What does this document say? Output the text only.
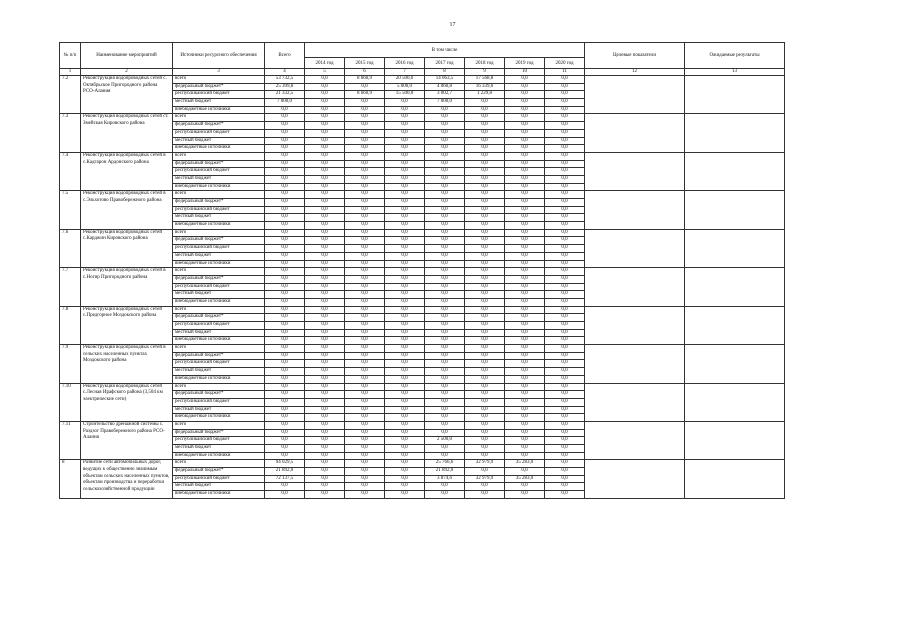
17
№ п/п	Наименование мероприятий	Источники ресурсного обеспечения	Всего	В том числе							Целевые показатели	Ожидаемые результаты
				2014 год	2015 год	2016 год	2017 год	2018 год	2019 год	2020 год		
1	2	3	4	5	6	7	8	9	10	11	12	13
7.2	Реконструкция водопроводных сетей с. Октябрьское Пригородного района РСО-Алания	всего	53 732,5	0,0	8 660,9	20 500,0	14 063,5	17 568,8	0,0	0,0		
		федеральный бюджет*	25 399,8	0,0	0,0	5 000,0	4 060,8	16 339,0	0,0	0,0		
		республиканский бюджет	21 332,5	0,0	8 660,9	15 500,0	3 002,7	1 229,8	0,0	0,0		
		местный бюджет	7 000,0	0,0	0,0	0,0	7 000,0	0,0	0,0	0,0		
		внебюджетные источники	0,0	0,0	0,0	0,0	0,0	0,0	0,0	0,0		
7.3	Реконструкция водопроводных сетей ст. Змейская Кировского района	всего	0,0	0,0	0,0	0,0	0,0	0,0	0,0	0,0		
		федеральный бюджет*	0,0	0,0	0,0	0,0	0,0	0,0	0,0	0,0		
		республиканский бюджет	0,0	0,0	0,0	0,0	0,0	0,0	0,0	0,0		
		местный бюджет	0,0	0,0	0,0	0,0	0,0	0,0	0,0	0,0		
		внебюджетные источники	0,0	0,0	0,0	0,0	0,0	0,0	0,0	0,0		
7.4	Реконструкция водопроводных сетей в с.Кадгарон Ардонского района	всего	0,0	0,0	0,0	0,0	0,0	0,0	0,0	0,0		
		федеральный бюджет*	0,0	0,0	0,0	0,0	0,0	0,0	0,0	0,0		
		республиканский бюджет	0,0	0,0	0,0	0,0	0,0	0,0	0,0	0,0		
		местный бюджет	0,0	0,0	0,0	0,0	0,0	0,0	0,0	0,0		
		внебюджетные источники	0,0	0,0	0,0	0,0	0,0	0,0	0,0	0,0		
7.5	Реконструкция водопроводных сетей в с.Эльхотово Правобережного района	всего	0,0	0,0	0,0	0,0	0,0	0,0	0,0	0,0		
		федеральный бюджет*	0,0	0,0	0,0	0,0	0,0	0,0	0,0	0,0		
		республиканский бюджет	0,0	0,0	0,0	0,0	0,0	0,0	0,0	0,0		
		местный бюджет	0,0	0,0	0,0	0,0	0,0	0,0	0,0	0,0		
		внебюджетные источники	0,0	0,0	0,0	0,0	0,0	0,0	0,0	0,0		
7.6	Реконструкция водопроводных сетей с.Карджин Кировского района	всего	0,0	0,0	0,0	0,0	0,0	0,0	0,0	0,0		
		федеральный бюджет*	0,0	0,0	0,0	0,0	0,0	0,0	0,0	0,0		
		республиканский бюджет	0,0	0,0	0,0	0,0	0,0	0,0	0,0	0,0		
		местный бюджет	0,0	0,0	0,0	0,0	0,0	0,0	0,0	0,0		
		внебюджетные источники	0,0	0,0	0,0	0,0	0,0	0,0	0,0	0,0		
7.7	Реконструкция водопроводных сетей в с.Ногир Пригородного района	всего	0,0	0,0	0,0	0,0	0,0	0,0	0,0	0,0		
		федеральный бюджет*	0,0	0,0	0,0	0,0	0,0	0,0	0,0	0,0		
		республиканский бюджет	0,0	0,0	0,0	0,0	0,0	0,0	0,0	0,0		
		местный бюджет	0,0	0,0	0,0	0,0	0,0	0,0	0,0	0,0		
		внебюджетные источники	0,0	0,0	0,0	0,0	0,0	0,0	0,0	0,0		
7.8	Реконструкция водопроводных сетей с.Предгорное Моздокского района	всего	0,0	0,0	0,0	0,0	0,0	0,0	0,0	0,0		
		федеральный бюджет*	0,0	0,0	0,0	0,0	0,0	0,0	0,0	0,0		
		республиканский бюджет	0,0	0,0	0,0	0,0	0,0	0,0	0,0	0,0		
		местный бюджет	0,0	0,0	0,0	0,0	0,0	0,0	0,0	0,0		
		внебюджетные источники	0,0	0,0	0,0	0,0	0,0	0,0	0,0	0,0		
7.9	Реконструкция водопроводных сетей в сельских населенных пунктах Моздокского района	всего	0,0	0,0	0,0	0,0	0,0	0,0	0,0	0,0		
		федеральный бюджет*	0,0	0,0	0,0	0,0	0,0	0,0	0,0	0,0		
		республиканский бюджет	0,0	0,0	0,0	0,0	0,0	0,0	0,0	0,0		
		местный бюджет	0,0	0,0	0,0	0,0	0,0	0,0	0,0	0,0		
		внебюджетные источники	0,0	0,0	0,0	0,0	0,0	0,0	0,0	0,0		
7.10	Реконструкция водопроводных сетей с.Лесная Ирафского района (3,504 км электрические сети)	всего	0,0	0,0	0,0	0,0	0,0	0,0	0,0	0,0		
		федеральный бюджет*	0,0	0,0	0,0	0,0	0,0	0,0	0,0	0,0		
		республиканский бюджет	0,0	0,0	0,0	0,0	0,0	0,0	0,0	0,0		
		местный бюджет	0,0	0,0	0,0	0,0	0,0	0,0	0,0	0,0		
		внебюджетные источники	0,0	0,0	0,0	0,0	0,0	0,0	0,0	0,0		
7.11	Строительство дренажной системы с. Раздзог Правобережного района РСО-Алания	всего	0,0	0,0	0,0	0,0	0,0	0,0	0,0	0,0		
		федеральный бюджет*	0,0	0,0	0,0	0,0	0,0	0,0	0,0	0,0		
		республиканский бюджет	0,0	0,0	0,0	0,0	2 500,0	0,0	0,0	0,0		
		местный бюджет	0,0	0,0	0,0	0,0	0,0	0,0	0,0	0,0		
		внебюджетные источники	0,0	0,0	0,0	0,0	0,0	0,0	0,0	0,0		
8	Развитие сети автомобильных дорог, ведущих к общественно значимым объектам сельских населенных пунктов, объектам производства и переработки сельскохозяйственной продукции	всего	94 029,5	0,0	0,0	0,0	25 766,6	32 979,9	35 283,0	0,0		
		федеральный бюджет*	21 892,0	0,0	0,0	0,0	21 892,0	0,0	0,0	0,0		
		республиканский бюджет	72 137,5	0,0	0,0	0,0	3 874,6	32 979,9	35 283,0	0,0		
		местный бюджет	0,0	0,0	0,0	0,0	0,0	0,0	0,0	0,0		
		внебюджетные источники	0,0	0,0	0,0	0,0	0,0	0,0	0,0	0,0		
